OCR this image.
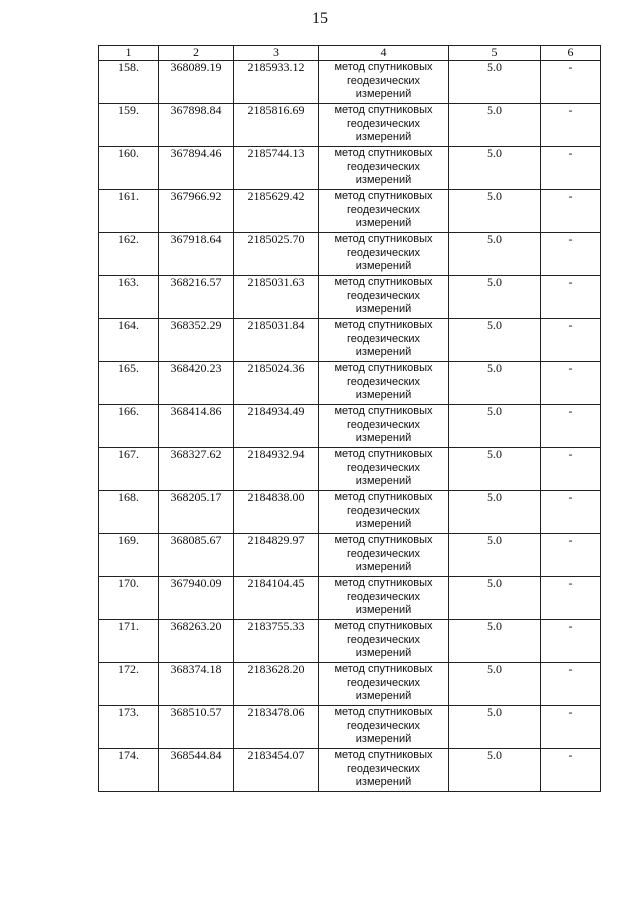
15
1	2	3	4	5	6
158.	368089.19	2185933.12	метод спутниковых геодезических измерений	5.0	-
159.	367898.84	2185816.69	метод спутниковых геодезических измерений	5.0	-
160.	367894.46	2185744.13	метод спутниковых геодезических измерений	5.0	-
161.	367966.92	2185629.42	метод спутниковых геодезических измерений	5.0	-
162.	367918.64	2185025.70	метод спутниковых геодезических измерений	5.0	-
163.	368216.57	2185031.63	метод спутниковых геодезических измерений	5.0	-
164.	368352.29	2185031.84	метод спутниковых геодезических измерений	5.0	-
165.	368420.23	2185024.36	метод спутниковых геодезических измерений	5.0	-
166.	368414.86	2184934.49	метод спутниковых геодезических измерений	5.0	-
167.	368327.62	2184932.94	метод спутниковых геодезических измерений	5.0	-
168.	368205.17	2184838.00	метод спутниковых геодезических измерений	5.0	-
169.	368085.67	2184829.97	метод спутниковых геодезических измерений	5.0	-
170.	367940.09	2184104.45	метод спутниковых геодезических измерений	5.0	-
171.	368263.20	2183755.33	метод спутниковых геодезических измерений	5.0	-
172.	368374.18	2183628.20	метод спутниковых геодезических измерений	5.0	-
173.	368510.57	2183478.06	метод спутниковых геодезических измерений	5.0	-
174.	368544.84	2183454.07	метод спутниковых геодезических измерений	5.0	-
